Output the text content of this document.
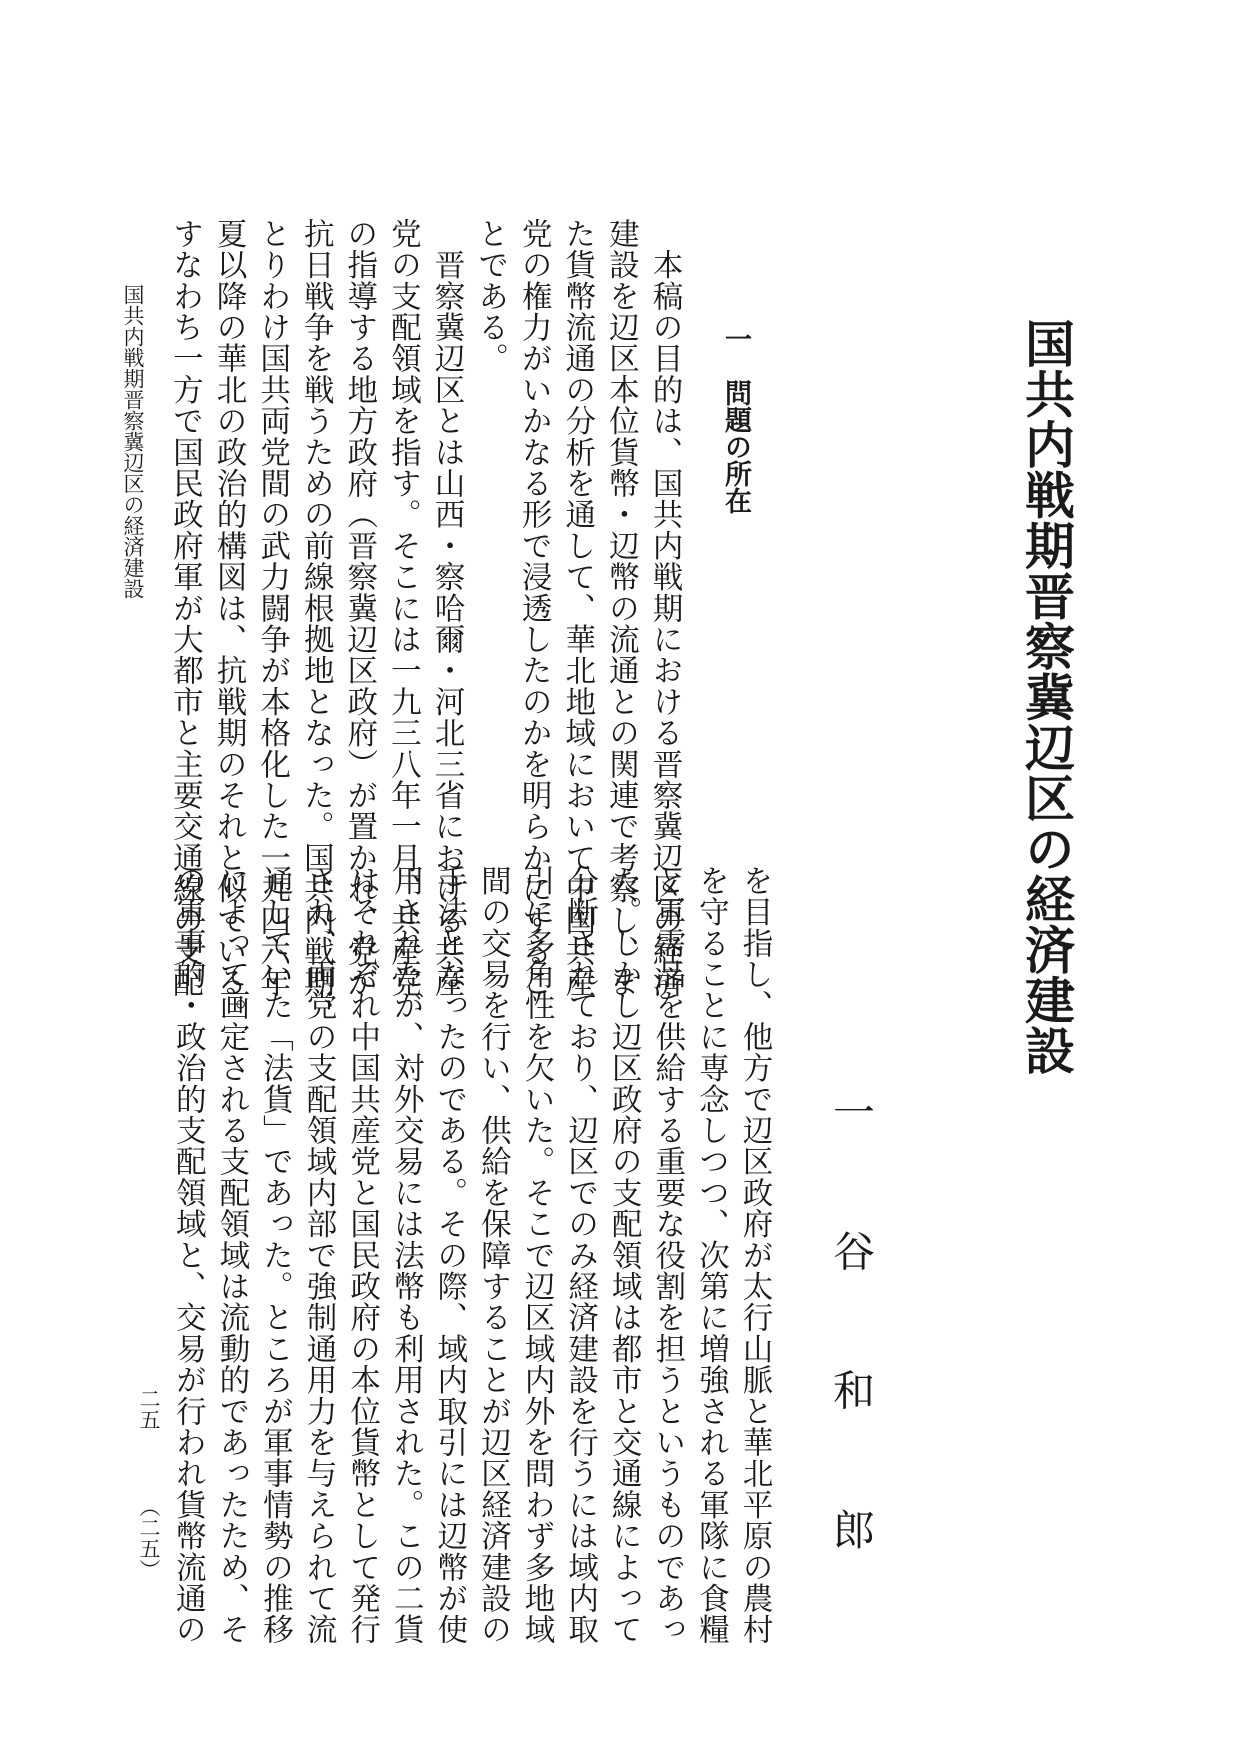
国共内戦期晋察冀辺区の経済建設
一 谷 和 郎
一　問題の所在
　本稿の目的は、国共内戦期における晋察冀辺区の経済
建設を辺区本位貨幣・辺幣の流通との関連で考察し、ま
た貨幣流通の分析を通して、華北地域において中国共産
党の権力がいかなる形で浸透したのかを明らかにするこ
とである。
　晋察冀辺区とは山西・察哈爾・河北三省における共産
党の支配領域を指す。そこには一九三八年一月、共産党
の指導する地方政府（晋察冀辺区政府）が置かれ、党が
抗日戦争を戦うための前線根拠地となった。国共内戦期、
とりわけ国共両党間の武力闘争が本格化した一九四六年
夏以降の華北の政治的構図は、抗戦期のそれと似ている。
すなわち一方で国民政府軍が大都市と主要交通線の支配
を目指し、他方で辺区政府が太行山脈と華北平原の農村
を守ることに専念しつつ、次第に増強される軍隊に食糧
と軍需品を供給する重要な役割を担うというものであっ
た。しかし辺区政府の支配領域は都市と交通線によって
分断されており、辺区でのみ経済建設を行うには域内取
引に多角性を欠いた。そこで辺区域内外を問わず多地域
間の交易を行い、供給を保障することが辺区経済建設の
手法となったのである。その際、域内取引には辺幣が使
用されたが、対外交易には法幣も利用された。この二貨
はそれぞれ中国共産党と国民政府の本位貨幣として発行
され、両党の支配領域内部で強制通用力を与えられて流
通していた「法貨」であった。ところが軍事情勢の推移
によって画定される支配領域は流動的であったため、そ
の軍事的・政治的支配領域と、交易が行われ貨幣流通の
国共内戦期晋察冀辺区の経済建設
二五
（二五）
